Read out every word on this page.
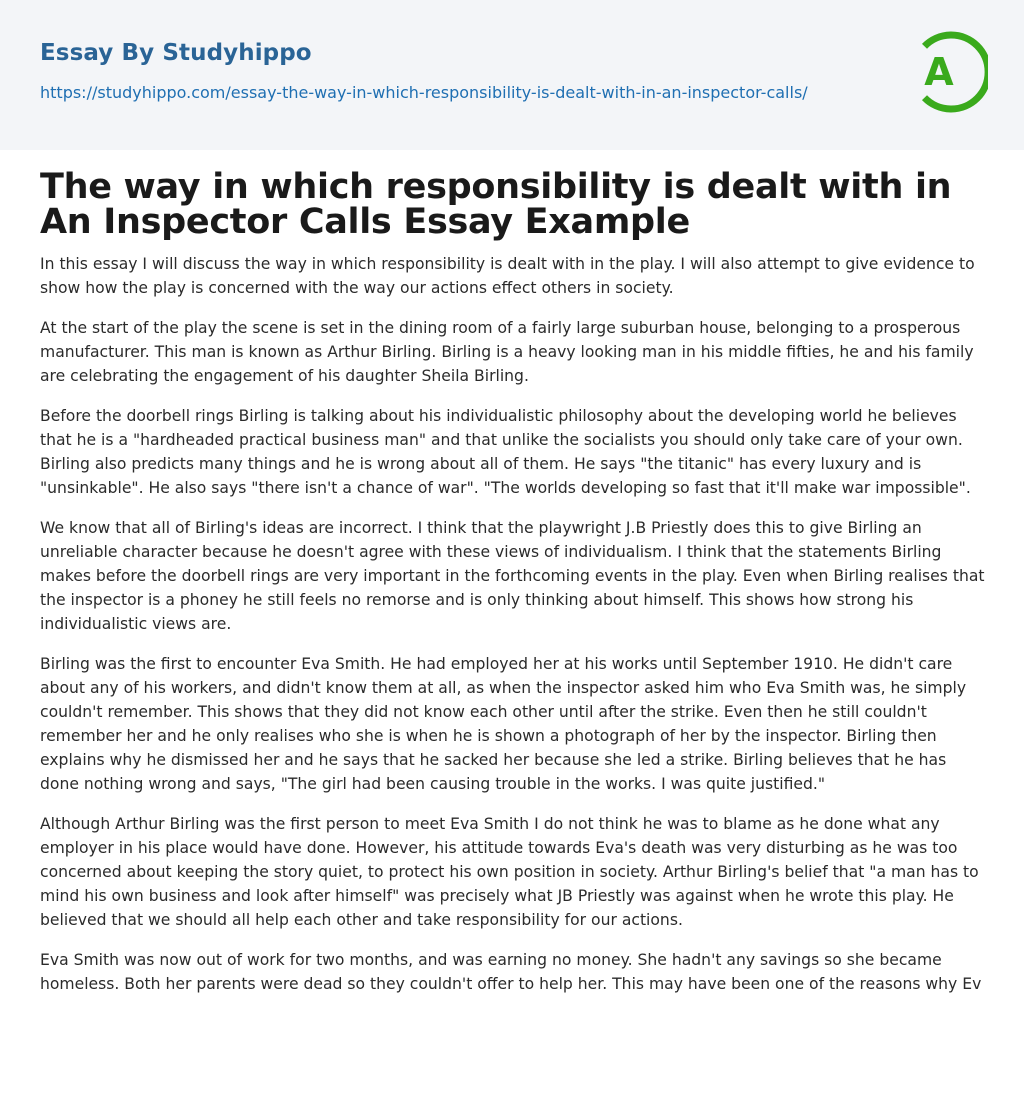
Essay By Studyhippo
https://studyhippo.com/essay-the-way-in-which-responsibility-is-dealt-with-in-an-inspector-calls/	A
The way in which responsibility is dealt with in An Inspector Calls Essay Example

In this essay I will discuss the way in which responsibility is dealt with in the play. I will also attempt to give evidence to show how the play is concerned with the way our actions effect others in society.

At the start of the play the scene is set in the dining room of a fairly large suburban house, belonging to a prosperous manufacturer. This man is known as Arthur Birling. Birling is a heavy looking man in his middle fifties, he and his family are celebrating the engagement of his daughter Sheila Birling.

Before the doorbell rings Birling is talking about his individualistic philosophy about the developing world he believes that he is a "hardheaded practical business man" and that unlike the socialists you should only take care of your own. Birling also predicts many things and he is wrong about all of them. He says "the titanic" has every luxury and is "unsinkable". He also says "there isn't a chance of war". "The worlds developing so fast that it'll make war impossible".

We know that all of Birling's ideas are incorrect. I think that the playwright J.B Priestly does this to give Birling an unreliable character because he doesn't agree with these views of individualism. I think that the statements Birling makes before the doorbell rings are very important in the forthcoming events in the play. Even when Birling realises that the inspector is a phoney he still feels no remorse and is only thinking about himself. This shows how strong his individualistic views are.

Birling was the first to encounter Eva Smith. He had employed her at his works until September 1910. He didn't care about any of his workers, and didn't know them at all, as when the inspector asked him who Eva Smith was, he simply couldn't remember. This shows that they did not know each other until after the strike. Even then he still couldn't remember her and he only realises who she is when he is shown a photograph of her by the inspector. Birling then explains why he dismissed her and he says that he sacked her because she led a strike. Birling believes that he has done nothing wrong and says, "The girl had been causing trouble in the works. I was quite justified."

Although Arthur Birling was the first person to meet Eva Smith I do not think he was to blame as he done what any employer in his place would have done. However, his attitude towards Eva's death was very disturbing as he was too concerned about keeping the story quiet, to protect his own position in society. Arthur Birling's belief that "a man has to mind his own business and look after himself" was precisely what JB Priestly was against when he wrote this play. He believed that we should all help each other and take responsibility for our actions.

Eva Smith was now out of work for two months, and was earning no money. She hadn't any savings so she became homeless. Both her parents were dead so they couldn't offer to help her. This may have been one of the reasons why Ev
